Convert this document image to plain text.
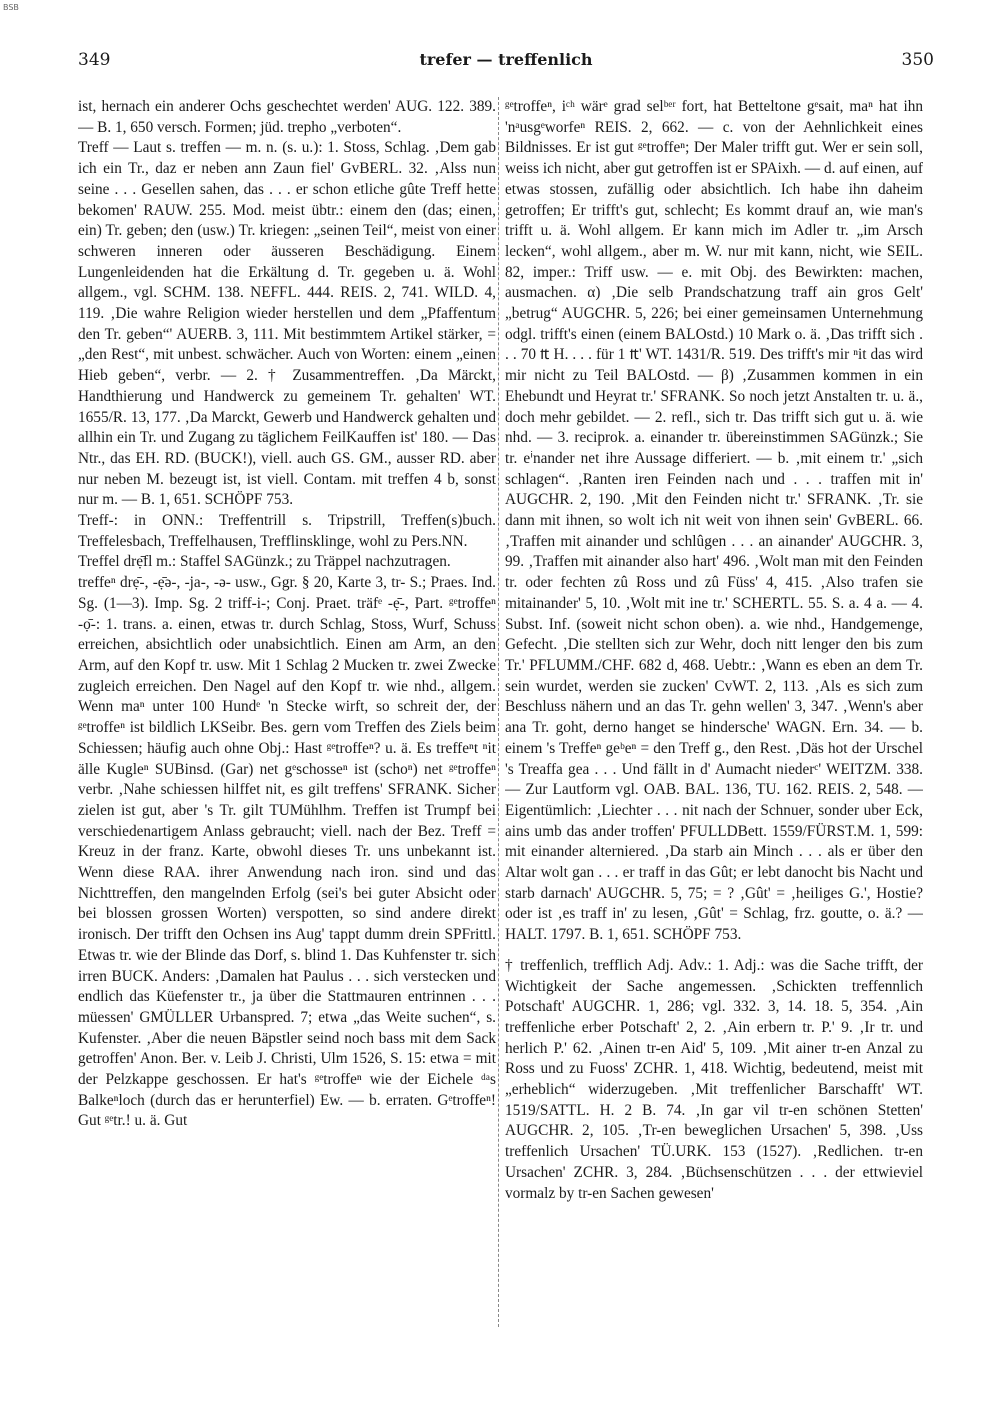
BSB
349	trefer — treffenlich	350

ist, hernach ein anderer Ochs geschechtet werden' AUG. 122. 389. — B. 1, 650 versch. Formen; jüd. trepho „verboten“.

Treff — Laut s. treffen — m. n. (s. u.): 1. Stoss, Schlag. ‚Dem gab ich ein Tr., daz er neben ann Zaun fiel' GvBERL. 32. ‚Alss nun seine . . . Gesellen sahen, das . . . er schon etliche gûte Treff hette bekomen' RAUW. 255. Mod. meist übtr.: einem den (das; einen, ein) Tr. geben; den (usw.) Tr. kriegen: „seinen Teil“, meist von einer schweren inneren oder äusseren Beschädigung. Einem Lungenleidenden hat die Erkältung d. Tr. gegeben u. ä. Wohl allgem., vgl. SCHM. 138. NEFFL. 444. REIS. 2, 741. WILD. 4, 119. ‚Die wahre Religion wieder herstellen und dem „Pfaffentum den Tr. geben“' AUERB. 3, 111. Mit bestimmtem Artikel stärker, = „den Rest“, mit unbest. schwächer. Auch von Worten: einem „einen Hieb geben“, verbr. — 2. † Zusammentreffen. ‚Da Märckt, Handthierung und Handwerck zu gemeinem Tr. gehalten' WT. 1655/R. 13, 177. ‚Da Marckt, Gewerb und Handwerck gehalten und allhin ein Tr. und Zugang zu täglichem FeilKauffen ist' 180. — Das Ntr., das EH. RD. (BUCK!), viell. auch GS. GM., ausser RD. aber nur neben M. bezeugt ist, ist viell. Contam. mit treffen 4 b, sonst nur m. — B. 1, 651. SCHÖPF 753.

Treff-: in ONN.: Treffentrill s. Tripstrill, Treffen(s)buch. Treffelesbach, Treffelhausen, Trefflinsklinge, wohl zu Pers.NN.

Treffel drẹ̄fl m.: Staffel SAGünzk.; zu Träppel nachzutragen.

treffeⁿ drẹ̄-, -ẹ̄ə-, -jа-, -ə- usw., Ggr. § 20, Karte 3, tr- S.; Praes. Ind. Sg. (1—3). Imp. Sg. 2 triff-i-; Conj. Praet. träfᵉ -ẹ̄-, Part. ᵍᵉtroffeⁿ -ọ̄-: 1. trans. a. einen, etwas tr. durch Schlag, Stoss, Wurf, Schuss erreichen, absichtlich oder unabsichtlich. Einen am Arm, an den Arm, auf den Kopf tr. usw. Mit 1 Schlag 2 Mucken tr. zwei Zwecke zugleich erreichen. Den Nagel auf den Kopf tr. wie nhd., allgem. Wenn maⁿ unter 100 Hundᵉ 'n Stecke wirft, so schreit der, der ᵍᵉtroffeⁿ ist bildlich LKSeibr. Bes. gern vom Treffen des Ziels beim Schiessen; häufig auch ohne Obj.: Hast ᵍᵉtroffeⁿ? u. ä. Es treffeⁿt ⁿit älle Kugleⁿ SUBinsd. (Gar) net gᵉschosseⁿ ist (schoⁿ) net ᵍᵉtroffeⁿ verbr. ‚Nahe schiessen hilffet nit, es gilt treffens' SFRANK. Sicher zielen ist gut, aber 's Tr. gilt TUMühlhm. Treffen ist Trumpf bei verschiedenartigem Anlass gebraucht; viell. nach der Bez. Treff = Kreuz in der franz. Karte, obwohl dieses Tr. uns unbekannt ist. Wenn diese RAA. ihrer Anwendung nach iron. sind und das Nichttreffen, den mangelnden Erfolg (sei's bei guter Absicht oder bei blossen grossen Worten) verspotten, so sind andere direkt ironisch. Der trifft den Ochsen ins Aug' tappt dumm drein SPFrittl. Etwas tr. wie der Blinde das Dorf, s. blind 1. Das Kuhfenster tr. sich irren BUCK. Anders: ‚Damalen hat Paulus . . . sich verstecken und endlich das Küefenster tr., ja über die Stattmauren entrinnen . . . müessen' GMÜLLER Urbanspred. 7; etwa „das Weite suchen“, s. Kufenster. ‚Aber die neuen Bäpstler seind noch bass mit dem Sack getroffen' Anon. Ber. v. Leib J. Christi, Ulm 1526, S. 15: etwa = mit der Pelzkappe geschossen. Er hat's ᵍᵉtroffeⁿ wie der Eichele ᵈᵃs Balkeⁿloch (durch das er herunterfiel) Ew. — b. erraten. Gᵉtroffeⁿ! Gut ᵍᵉtr.! u. ä. Gut

ᵍᵉtroffeⁿ, iᶜʰ wärᵉ grad selᵇᵉʳ fort, hat Betteltone gᵉsait, maⁿ hat ihn 'nᵃusgᵉworfeⁿ REIS. 2, 662. — c. von der Aehnlichkeit eines Bildnisses. Er ist gut ᵍᵉtroffeⁿ; Der Maler trifft gut. Wer er sein soll, weiss ich nicht, aber gut getroffen ist er SPAixh. — d. auf einen, auf etwas stossen, zufällig oder absichtlich. Ich habe ihn daheim getroffen; Er trifft's gut, schlecht; Es kommt drauf an, wie man's trifft u. ä. Wohl allgem. Er kann mich im Adler tr. „im Arsch lecken“, wohl allgem., aber m. W. nur mit kann, nicht, wie SEIL. 82, imper.: Triff usw. — e. mit Obj. des Bewirkten: machen, ausmachen. α) ‚Die selb Prandschatzung traff ain gros Gelt' „betrug“ AUGCHR. 5, 226; bei einer gemeinsamen Unternehmung odgl. trifft's einen (einem BALOstd.) 10 Mark o. ä. ‚Das trifft sich . . . 70 ₶ H. . . . für 1 ₶' WT. 1431/R. 519. Des trifft's mir ⁿit das wird mir nicht zu Teil BALOstd. — β) ‚Zusammen kommen in ein Ehebundt und Heyrat tr.' SFRANK. So noch jetzt Anstalten tr. u. ä., doch mehr gebildet. — 2. refl., sich tr. Das trifft sich gut u. ä. wie nhd. — 3. reciprok. a. einander tr. übereinstimmen SAGünzk.; Sie tr. eⁱnander net ihre Aussage differiert. — b. ‚mit einem tr.' „sich schlagen“. ‚Ranten iren Feinden nach und . . . traffen mit in' AUGCHR. 2, 190. ‚Mit den Feinden nicht tr.' SFRANK. ‚Tr. sie dann mit ihnen, so wolt ich nit weit von ihnen sein' GvBERL. 66. ‚Traffen mit ainander und schlûgen . . . an ainander' AUGCHR. 3, 99. ‚Traffen mit ainander also hart' 496. ‚Wolt man mit den Feinden tr. oder fechten zû Ross und zû Füss' 4, 415. ‚Also trafen sie mitainander' 5, 10. ‚Wolt mit ine tr.' SCHERTL. 55. S. a. 4 a. — 4. Subst. Inf. (soweit nicht schon oben). a. wie nhd., Handgemenge, Gefecht. ‚Die stellten sich zur Wehr, doch nitt lenger den bis zum Tr.' PFLUMM./CHF. 682 d, 468. Uebtr.: ‚Wann es eben an dem Tr. sein wurdet, werden sie zucken' CvWT. 2, 113. ‚Als es sich zum Beschluss nähern und an das Tr. gehn wellen' 3, 347. ‚Wenn's aber ana Tr. goht, derno hanget se hindersche' WAGN. Ern. 34. — b. einem 's Treffeⁿ geᵇeⁿ = den Treff g., den Rest. ‚Däs hot der Urschel 's Treaffa gea . . . Und fällt in d' Aumacht niederᶜ' WEITZM. 338. — Zur Lautform vgl. OAB. BAL. 136, TU. 162. REIS. 2, 548. — Eigentümlich: ‚Liechter . . . nit nach der Schnuer, sonder uber Eck, ains umb das ander troffen' PFULLDBett. 1559/FÜRST.M. 1, 599: mit einander alterniered. ‚Da starb ain Minch . . . als er über den Altar wolt gan . . . er traff in das Gût; er lebt danocht bis Nacht und starb darnach' AUGCHR. 5, 75; = ? ‚Gût' = ‚heiliges G.', Hostie? oder ist ‚es traff in' zu lesen, ‚Gût' = Schlag, frz. goutte, o. ä.? — HALT. 1797. B. 1, 651. SCHÖPF 753.

† treffenlich, trefflich Adj. Adv.: 1. Adj.: was die Sache trifft, der Wichtigkeit der Sache angemessen. ‚Schickten treffennlich Potschaft' AUGCHR. 1, 286; vgl. 332. 3, 14. 18. 5, 354. ‚Ain treffenliche erber Potschaft' 2, 2. ‚Ain erbern tr. P.' 9. ‚Ir tr. und herlich P.' 62. ‚Ainen tr-en Aid' 5, 109. ‚Mit ainer tr-en Anzal zu Ross und zu Fuoss' ZCHR. 1, 418. Wichtig, bedeutend, meist mit „erheblich“ widerzugeben. ‚Mit treffenlicher Barschafft' WT. 1519/SATTL. H. 2 B. 74. ‚In gar vil tr-en schönen Stetten' AUGCHR. 2, 105. ‚Tr-en beweglichen Ursachen' 5, 398. ‚Uss treffenlich Ursachen' TÜ.URK. 153 (1527). ‚Redlichen. tr-en Ursachen' ZCHR. 3, 284. ‚Büchsenschützen . . . der ettwieviel vormalz by tr-en Sachen gewesen'
